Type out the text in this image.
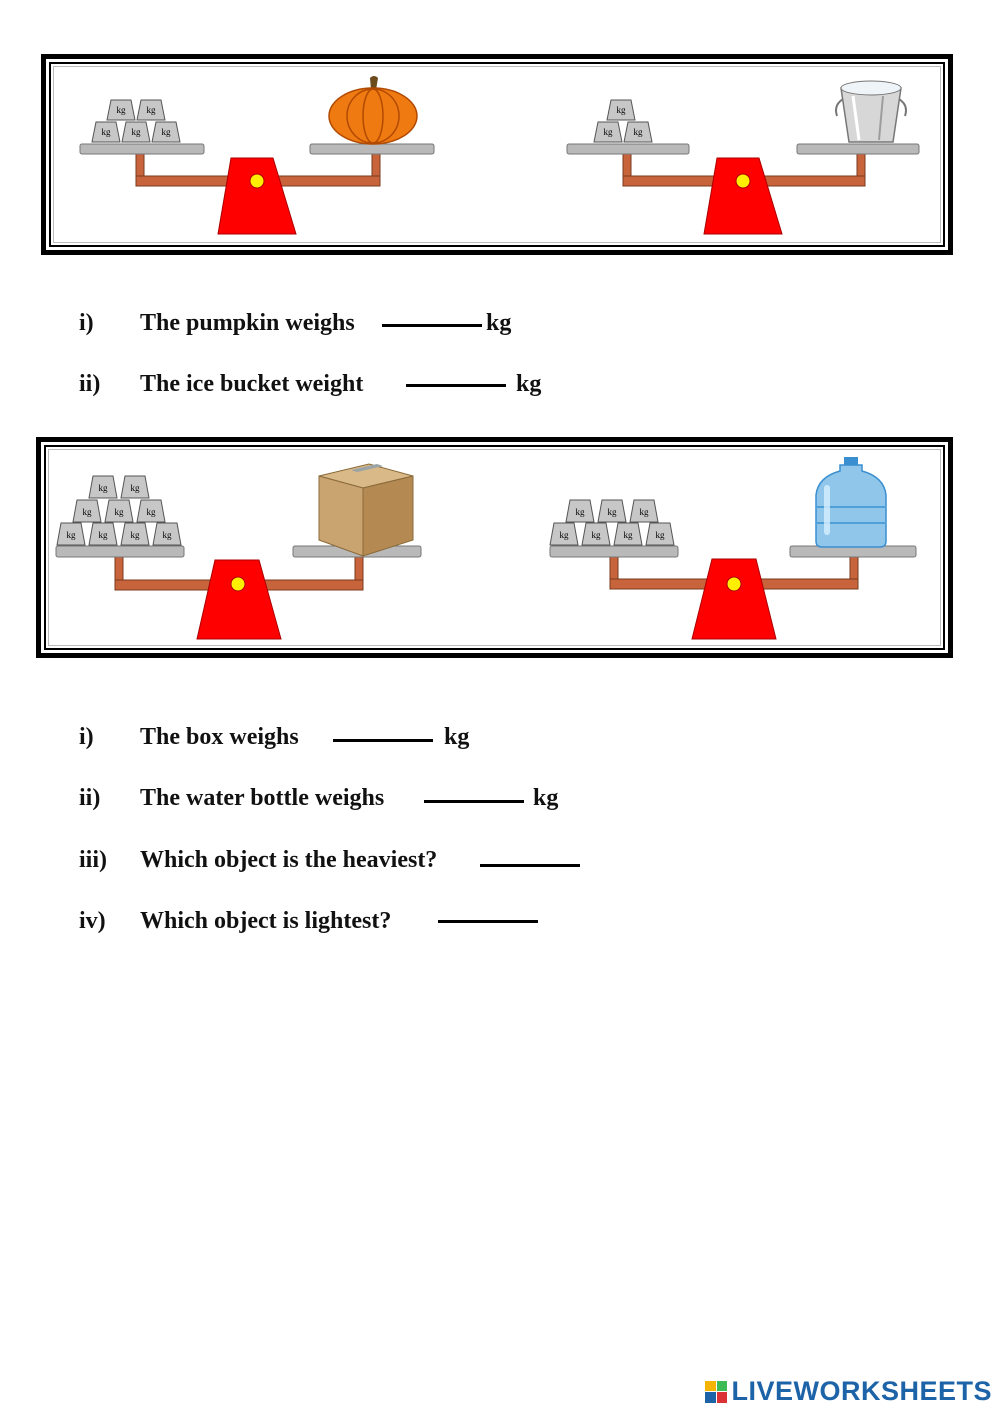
kg kg
kg kg kg
kg
kg kg
i) The pumpkin weighs	kg
ii) The ice bucket weight	kg
kg	kg
kg	kg	kg
kg	kg	kg	kg
kg	kg	kg
kg	kg	kg	kg
i) The box weighs	kg
ii) The water bottle weighs	kg
iii) Which object is the heaviest?
iv) Which object is lightest?
LIVEWORKSHEETS
